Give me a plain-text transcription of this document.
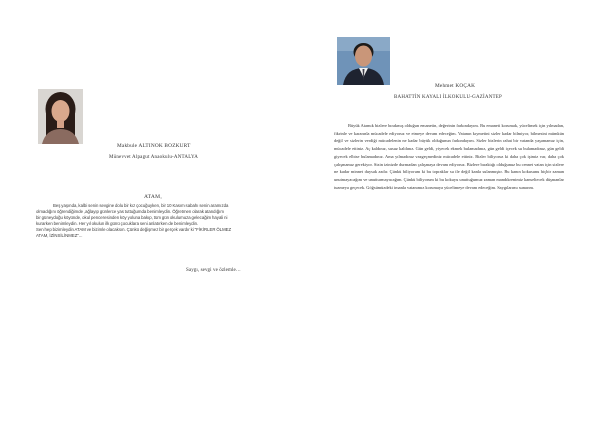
Makbule ALTINOK BOZKURT
Münevvet Alpagut Anaokulu-ANTALYA
ATAM,
Beş yaşında, kalbi senin sevgine dolu bir kız çocuğuyken, bir 10 Kasım sabahı senin aramızda
olmadığını öğrendiğimde ,ağlayıp günlerce yas tuttuğumda benimleydin. Öğretmen olarak atandığım
bir güneydoğu köyünde, okul penceresinden köy yoluna bakıp, tüm gün okulumuza gelecağim hayali ni
kurarken benimleydin. Her yıl okulun ilk günü çocuklara seni anlatırken de benimleydin.
Sen hep bizimleydin ATAM ve bizimle olacaksın. Çünkü değişmez bir gerçek vardır ki "FİKİRLER ÖLMEZ
ATAM, İZİNSİLİNMEZ"...
Saygı, sevgi ve özlemle…
Mehmet KOÇAK
BAHATTİN KAYALI İLKOKULU-GAZİANTEP

Büyük Atamık bizlere bırakmış olduğun emanetin, değerinin farkındayım. Bu emaneti korumak, yüceltmek için yılmadan, fikrinle ve kararınla mücadele ediyoruz ve etmeye devam edeceğim. Vatanın kıymetini sizler kadar bilmiyor, bilmesini mümkün değil ve sizlerin verdiği mücadelenin ne kadar büyük olduğunun farkındayım. Sizler bizlerin rahat bir vatanda yaşamamız için, mücadele ettiniz. Aç kaldınız, susuz kaldınız. Gün geldi, yiyecek ekmek bulamadınız, gün geldi içecek su bulamadınız, gün geldi giyecek elbise bulamadınız. Ama yılmadınız vazgeçmediniz mücadele ettiniz. Bizler biliyoruz ki daha çok işimiz var, daha çok çalışmamız gerekiyor. Sizin izinizde durmadan çalışmaya devam ediyoruz. Bizlere bıraktığı olduğunuz bu cennet vatan için sizlere ne kadar minnet duysak azdır. Çünkü biliyorum ki bu topraklar su ile değil kanla sulanmıştır. Bu kanın kokusunu hiçbir zaman unutmayacağım ve unutturmayacağım. Çünkü biliyorum ki bu kokuyu unuttuğumuz zaman mandıkrenimiz kanseltecek düşmanlar tuzmeya geçecek. Göğsümüzdeki imanla vatanımız korumaya yüceltmeye devam edeceğim. Saygılarımı sunarım.
